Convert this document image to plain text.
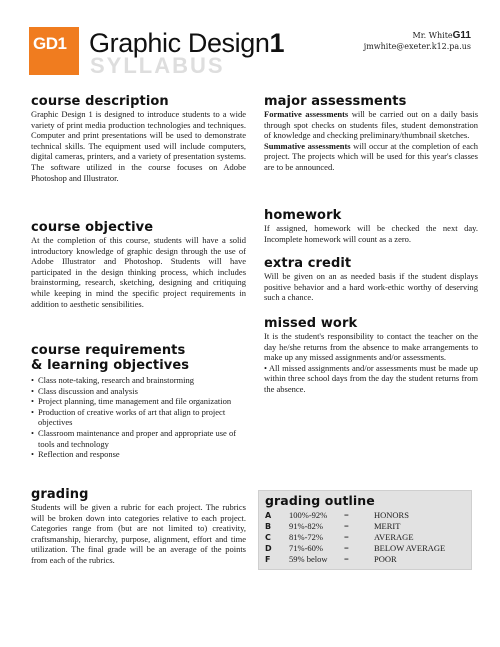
GD1
SYLLABUS
Graphic Design1	Mr. WhiteG11
jmwhite@exeter.k12.pa.us
course description

Graphic Design 1 is designed to introduce students to a wide variety of print media production technologies and techniques. Computer and print presentations will be used to demonstrate technical skills. The equipment used will include computers, digital cameras, printers, and a variety of presentation systems. The software utilized in the course focuses on Adobe Photoshop and Illustrator.

course objective

At the completion of this course, students will have a solid introductory knowledge of graphic design through the use of Adobe Illustrator and Photoshop. Students will have participated in the design thinking process, which includes brainstorming, research, sketching, designing and critiquing while keeping in mind the specific project requirements in addition to aesthetic sensibilities.

course requirements
& learning objectives
• Class note-taking, research and brainstorming
• Class discussion and analysis
• Project planning, time management and file organization
• Production of creative works of art that align to project objectives
• Classroom maintenance and proper and appropriate use of tools and technology
• Reflection and response
grading

Students will be given a rubric for each project. The rubrics will be broken down into categories relative to each project. Categories range from (but are not limited to) creativity, craftsmanship, hierarchy, purpose, alignment, effort and time utilization. The final grade will be an average of the points from each of the rubrics.

major assessments

Formative assessments will be carried out on a daily basis through spot checks on students files, student demonstration of knowledge and checking preliminary/thumbnail sketches.

Summative assessments will occur at the completion of each project. The projects which will be used for this year's classes are to be announced.

homework

If assigned, homework will be checked the next day. Incomplete homework will count as a zero.

extra credit

Will be given on an as needed basis if the student displays positive behavior and a hard work-ethic worthy of deserving such a chance.

missed work

It is the student's responsibility to contact the teacher on the day he/she returns from the absence to make arrangements to make up any missed assignments and/or assessments.

• All missed assignments and/or assessments must be made up within three school days from the day the student returns from the absence.

grading outline
A	100%-92%	=	HONORS
B	91%-82%	=	MERIT
C	81%-72%	=	AVERAGE
D	71%-60%	=	BELOW AVERAGE
F	59% below	=	POOR
